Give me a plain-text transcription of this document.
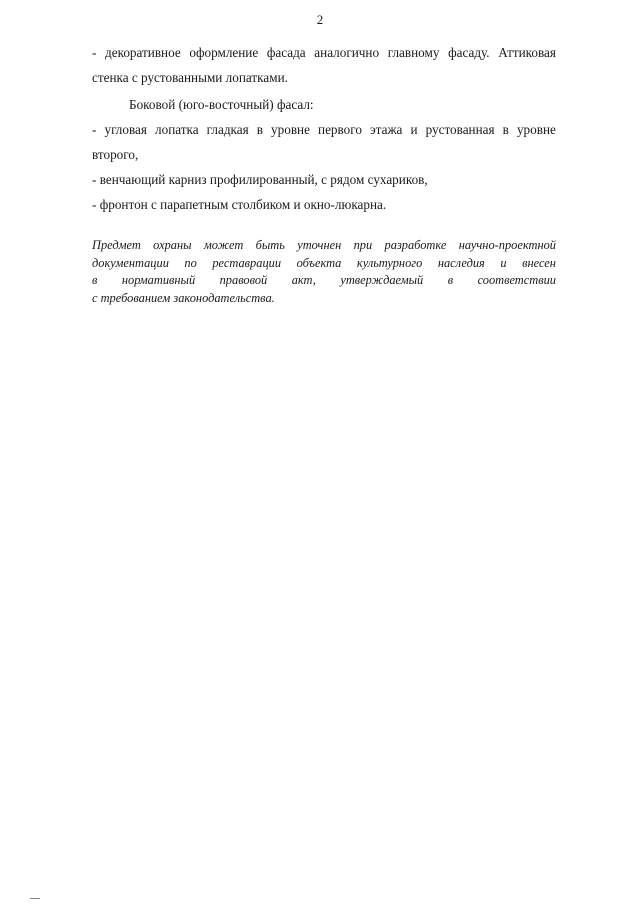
2
- декоративное оформление фасада аналогично главному фасаду. Аттиковая
стенка с рустованными лопатками.
Боковой (юго-восточный) фасал:
- угловая лопатка гладкая в уровне первого этажа и рустованная в уровне
второго,
- венчающий карниз профилированный, с рядом сухариков,
- фронтон с парапетным столбиком и окно-люкарна.
Предмет охраны может быть уточнен при разработке научно-проектной
документации по реставрации объекта культурного наследия и внесен
в нормативный правовой акт, утверждаемый в соответствии
с требованием законодательства.
